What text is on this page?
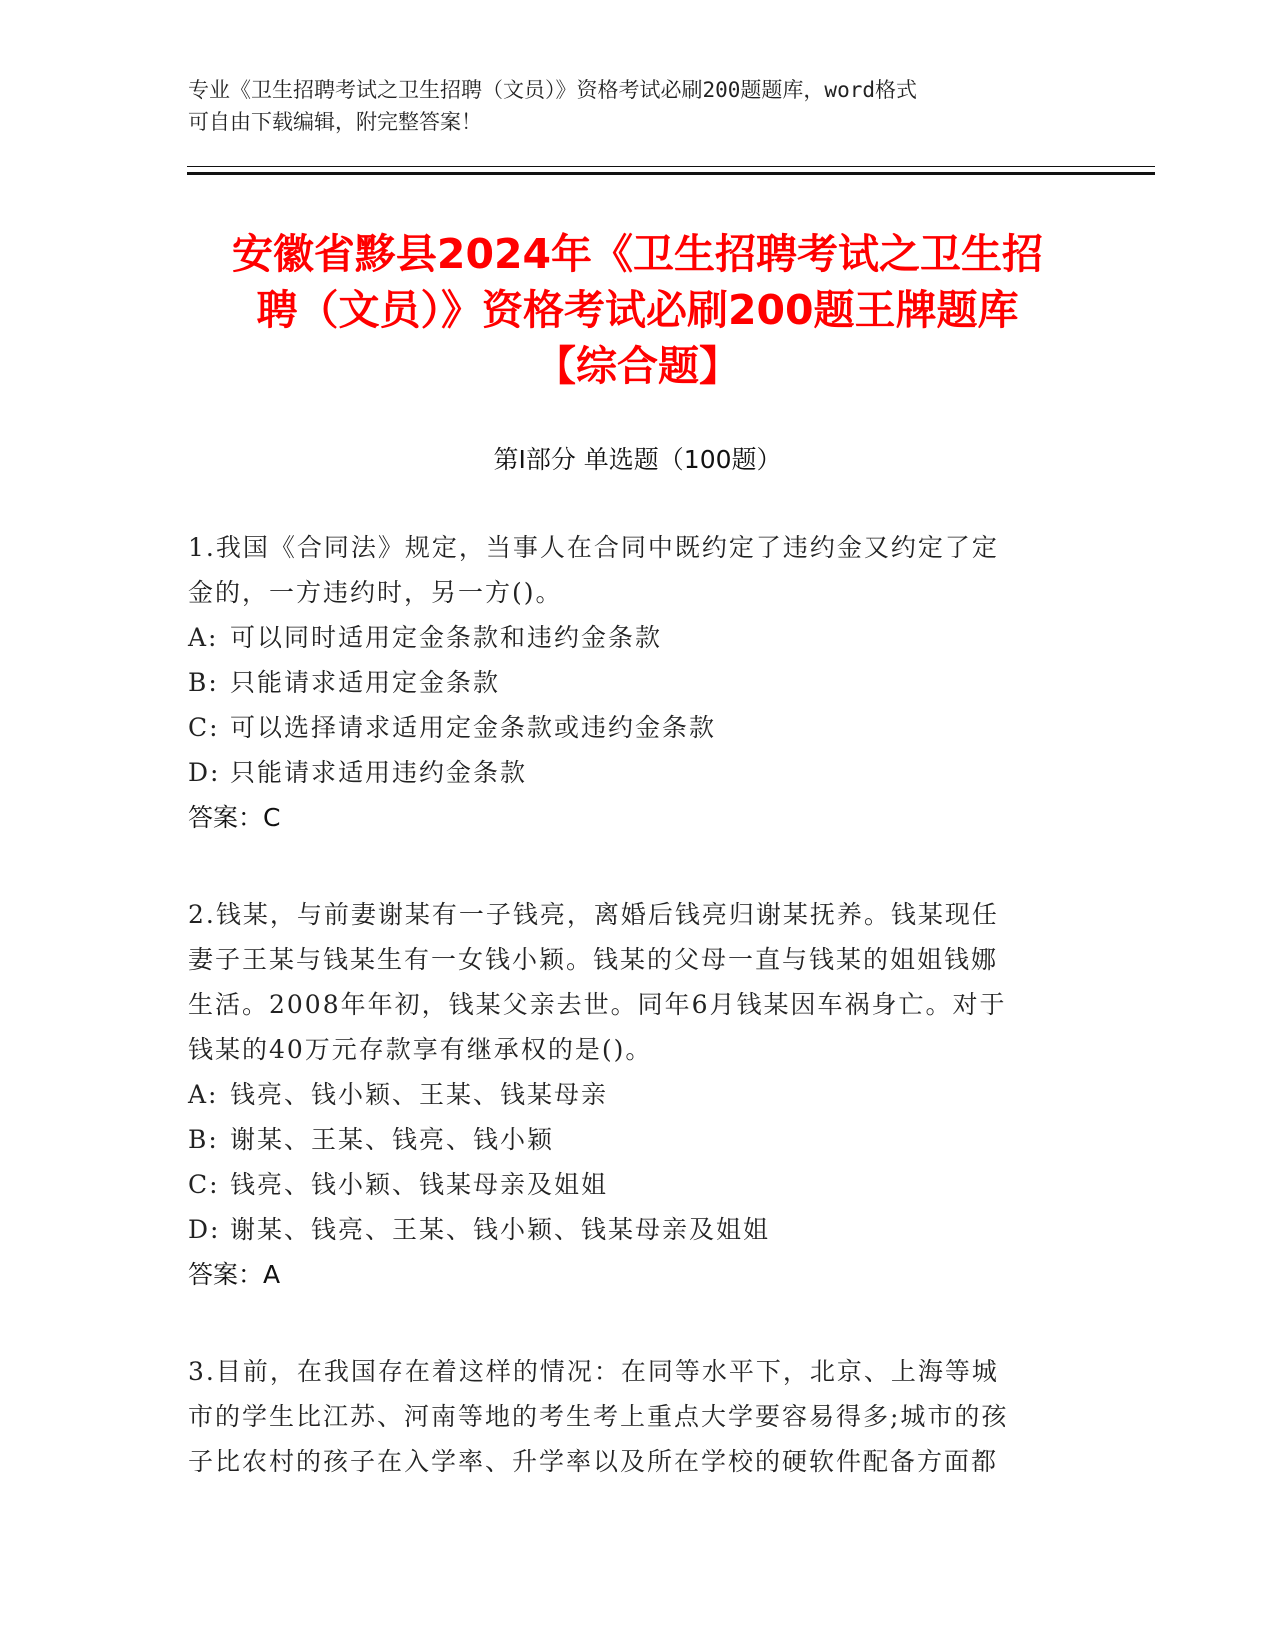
专业《卫生招聘考试之卫生招聘（文员）》资格考试必刷200题题库，word格式
可自由下载编辑，附完整答案！
安徽省黟县2024年《卫生招聘考试之卫生招
聘（文员）》资格考试必刷200题王牌题库
【综合题】
第Ⅰ部分 单选题（100题）
1.我国《合同法》规定，当事人在合同中既约定了违约金又约定了定
金的，一方违约时，另一方()。
A: 可以同时适用定金条款和违约金条款
B: 只能请求适用定金条款
C: 可以选择请求适用定金条款或违约金条款
D: 只能请求适用违约金条款
答案：C
2.钱某，与前妻谢某有一子钱亮，离婚后钱亮归谢某抚养。钱某现任
妻子王某与钱某生有一女钱小颖。钱某的父母一直与钱某的姐姐钱娜
生活。2008年年初，钱某父亲去世。同年6月钱某因车祸身亡。对于
钱某的40万元存款享有继承权的是()。
A: 钱亮、钱小颖、王某、钱某母亲
B: 谢某、王某、钱亮、钱小颖
C: 钱亮、钱小颖、钱某母亲及姐姐
D: 谢某、钱亮、王某、钱小颖、钱某母亲及姐姐
答案：A
3.目前，在我国存在着这样的情况：在同等水平下，北京、上海等城
市的学生比江苏、河南等地的考生考上重点大学要容易得多;城市的孩
子比农村的孩子在入学率、升学率以及所在学校的硬软件配备方面都
